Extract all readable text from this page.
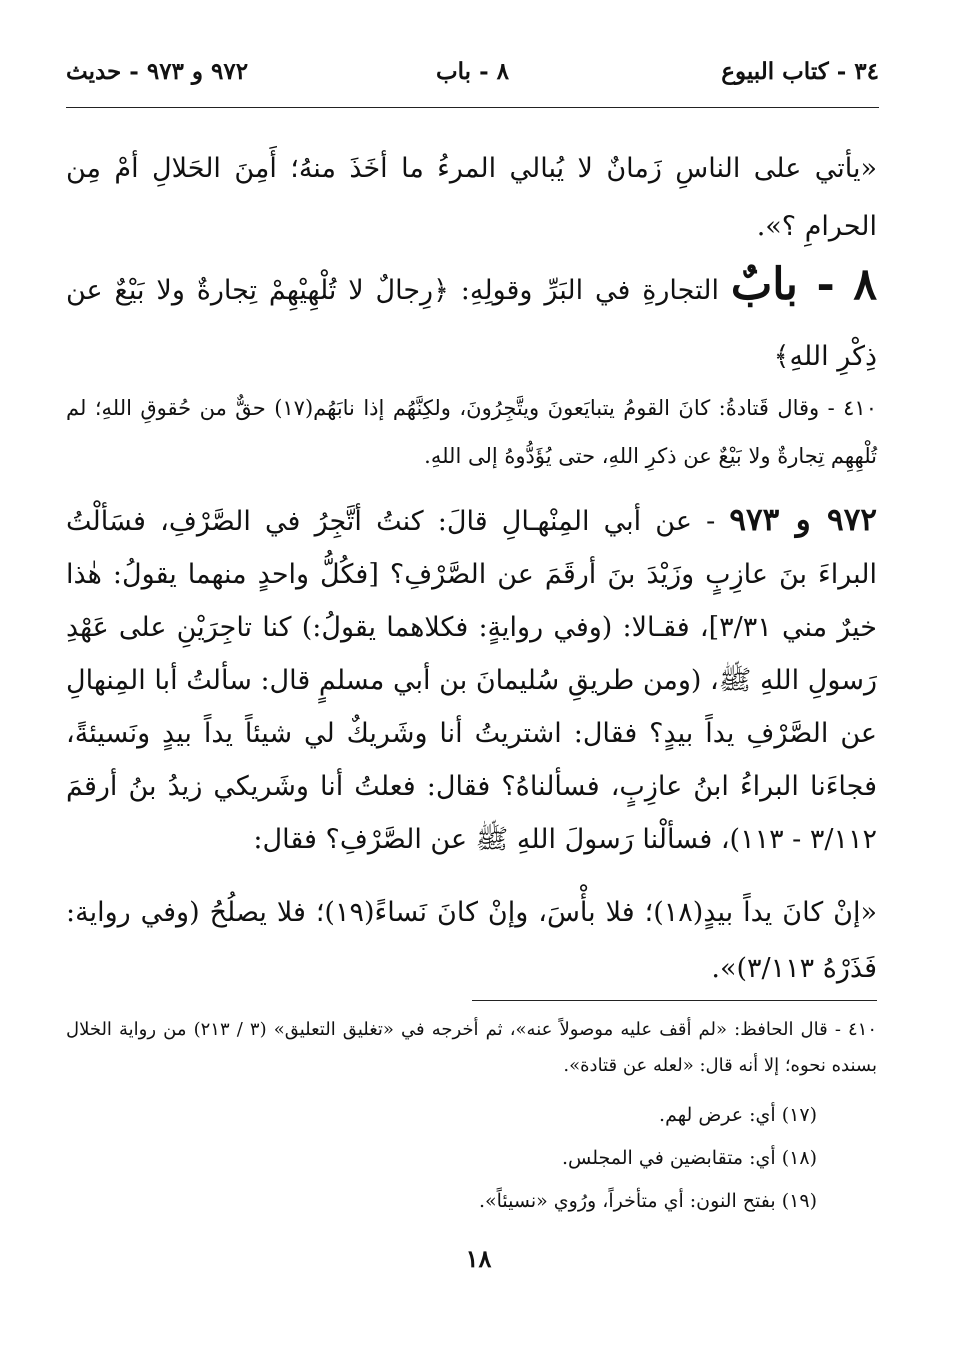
٣٤ - كتاب البيوع
٨ - باب
٩٧٢ و ٩٧٣ - حديث
«يأتي على الناسِ زَمانٌ لا يُبالي المرءُ ما أخَذَ منهُ؛ أَمِنَ الحَلالِ أمْ مِن الحرامِ ؟».
٨ - بابٌ التجارةِ في البَرِّ وقولِهِ: ﴿رِجالٌ لا تُلْهِيْهِمْ تِجارةٌ ولا بَيْعٌ عن ذِكْرِ اللهِ﴾
٤١٠ - وقال قَتادةُ: كانَ القومُ يتبايَعونَ ويتَّجِرُونَ، ولكِنَّهُم إذا نابَهُم(١٧) حقٌّ من حُقوقِ اللهِ؛ لم تُلْهِهِم تِجارةٌ ولا بَيْعٌ عن ذكرِ اللهِ، حتى يُؤَدُّوهُ إلى اللهِ.
٩٧٢ و ٩٧٣ - عن أبي المِنْهـالِ قالَ: كنتُ أتَّجِرُ في الصَّرْفِ، فسَألْتُ البراءَ بنَ عازِبٍ وزَيْدَ بنَ أرقَمَ عن الصَّرْفِ؟ [فكُلُّ واحدٍ منهما يقولُ: هٰذا خيرٌ مني ٣/٣١]، فقـالا: (وفي روايةٍ: فكلاهما يقولُ:) كنا تاجِرَيْنِ على عَهْدِ رَسولِ اللهِ ﷺ، (ومن طريقِ سُليمانَ بن أبي مسلمٍ قال: سألتُ أبا المِنهالِ عن الصَّرْفِ يداً بيدٍ؟ فقال: اشتريتُ أنا وشَريكٌ لي شيئاً يداً بيدٍ ونَسيئةً، فجاءَنا البراءُ ابنُ عازِبٍ، فسألناهُ؟ فقال: فعلتُ أنا وشَريكي زيدُ بنُ أرقمَ ٣/١١٢ - ١١٣)، فسألْنا رَسولَ اللهِ ﷺ عن الصَّرْفِ؟ فقال:
«إنْ كانَ يداً بيدٍ(١٨)؛ فلا بأْسَ، وإنْ كانَ نَساءً(١٩)؛ فلا يصلُحُ (وفي رواية: فَذَرْهُ ٣/١١٣)».
٤١٠ - قال الحافظ: «لم أقف عليه موصولاً عنه»، ثم أخرجه في «تغليق التعليق» (٣ / ٢١٣) من رواية الخلال بسنده نحوه؛ إلا أنه قال: «لعله عن قتادة».
(١٧) أي: عرض لهم.
(١٨) أي: متقابضين في المجلس.
(١٩) بفتح النون: أي متأخراً، ورُوي «نسيئاً».
١٨
